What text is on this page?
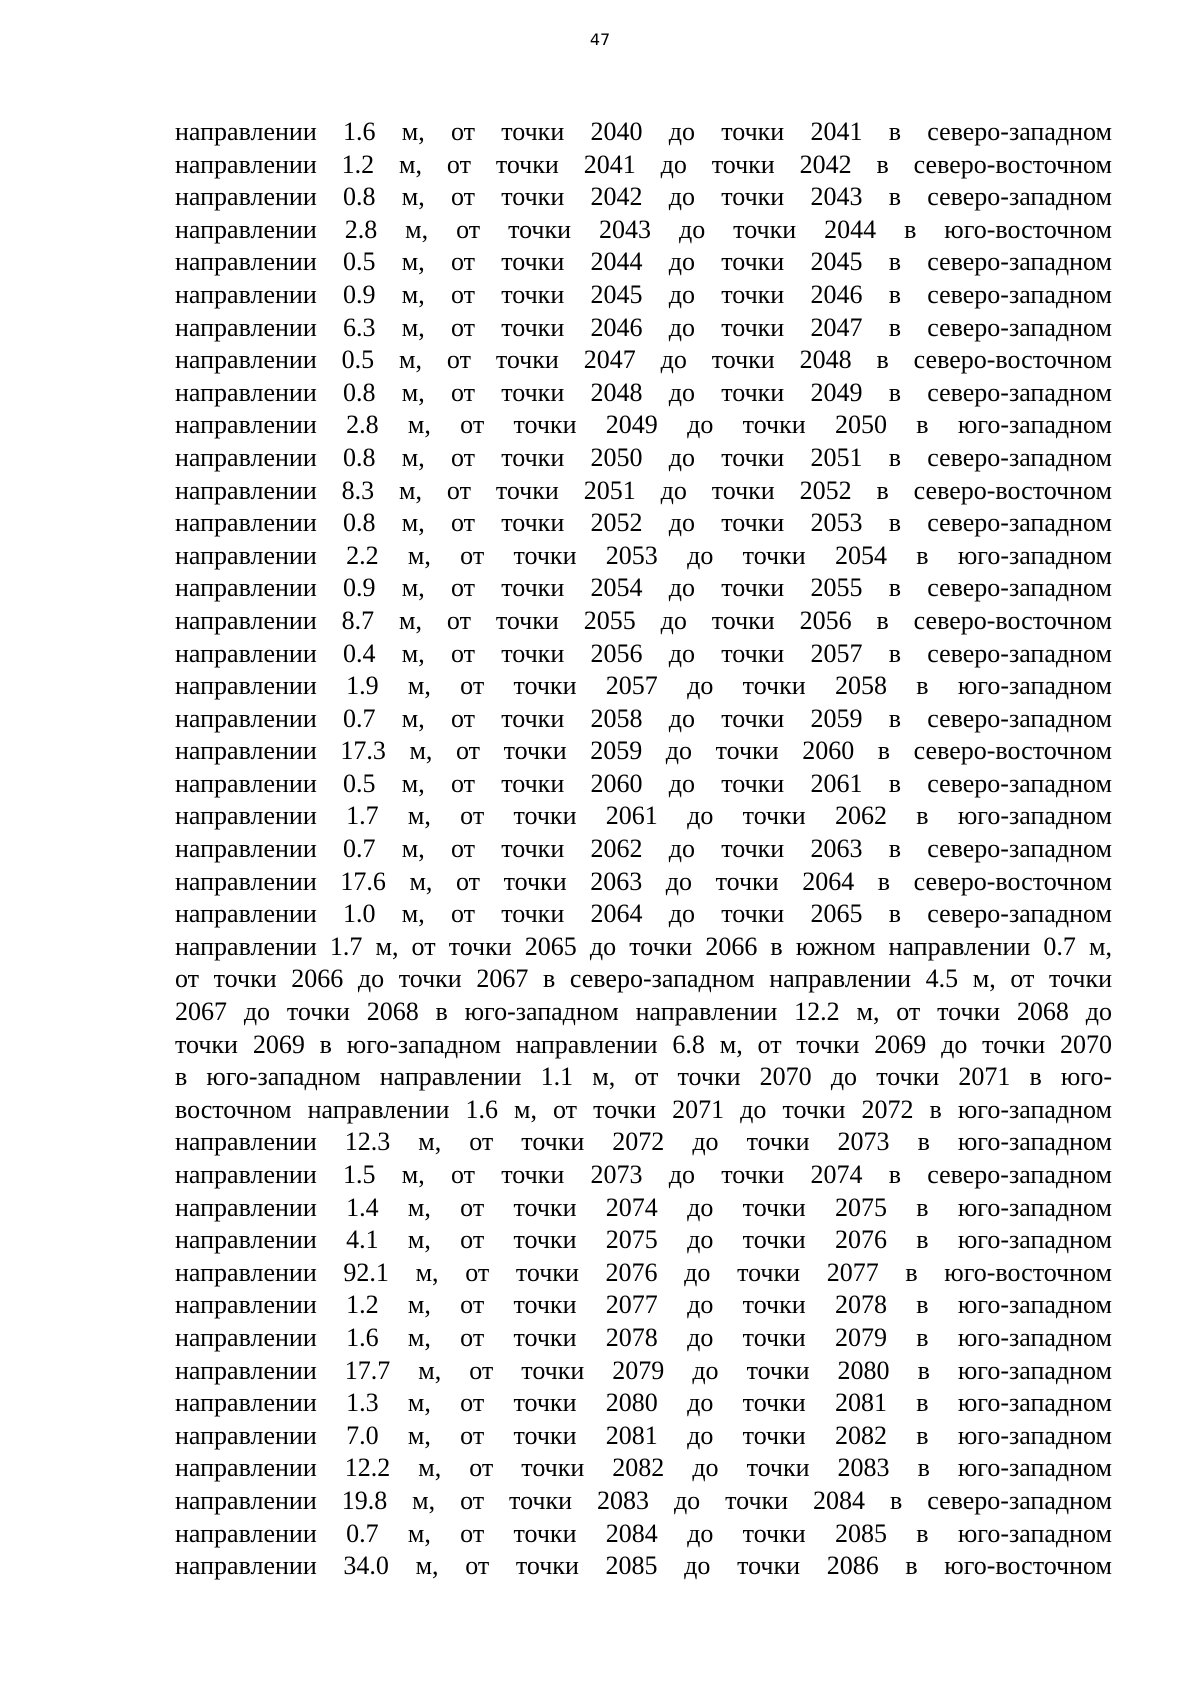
47
направлении 1.6 м, от точки 2040 до точки 2041 в северо-западном
направлении 1.2 м, от точки 2041 до точки 2042 в северо-восточном
направлении 0.8 м, от точки 2042 до точки 2043 в северо-западном
направлении 2.8 м, от точки 2043 до точки 2044 в юго-восточном
направлении 0.5 м, от точки 2044 до точки 2045 в северо-западном
направлении 0.9 м, от точки 2045 до точки 2046 в северо-западном
направлении 6.3 м, от точки 2046 до точки 2047 в северо-западном
направлении 0.5 м, от точки 2047 до точки 2048 в северо-восточном
направлении 0.8 м, от точки 2048 до точки 2049 в северо-западном
направлении 2.8 м, от точки 2049 до точки 2050 в юго-западном
направлении 0.8 м, от точки 2050 до точки 2051 в северо-западном
направлении 8.3 м, от точки 2051 до точки 2052 в северо-восточном
направлении 0.8 м, от точки 2052 до точки 2053 в северо-западном
направлении 2.2 м, от точки 2053 до точки 2054 в юго-западном
направлении 0.9 м, от точки 2054 до точки 2055 в северо-западном
направлении 8.7 м, от точки 2055 до точки 2056 в северо-восточном
направлении 0.4 м, от точки 2056 до точки 2057 в северо-западном
направлении 1.9 м, от точки 2057 до точки 2058 в юго-западном
направлении 0.7 м, от точки 2058 до точки 2059 в северо-западном
направлении 17.3 м, от точки 2059 до точки 2060 в северо-восточном
направлении 0.5 м, от точки 2060 до точки 2061 в северо-западном
направлении 1.7 м, от точки 2061 до точки 2062 в юго-западном
направлении 0.7 м, от точки 2062 до точки 2063 в северо-западном
направлении 17.6 м, от точки 2063 до точки 2064 в северо-восточном
направлении 1.0 м, от точки 2064 до точки 2065 в северо-западном
направлении 1.7 м, от точки 2065 до точки 2066 в южном направлении 0.7 м,
от точки 2066 до точки 2067 в северо-западном направлении 4.5 м, от точки
2067 до точки 2068 в юго-западном направлении 12.2 м, от точки 2068 до
точки 2069 в юго-западном направлении 6.8 м, от точки 2069 до точки 2070
в юго-западном направлении 1.1 м, от точки 2070 до точки 2071 в юго-
восточном направлении 1.6 м, от точки 2071 до точки 2072 в юго-западном
направлении 12.3 м, от точки 2072 до точки 2073 в юго-западном
направлении 1.5 м, от точки 2073 до точки 2074 в северо-западном
направлении 1.4 м, от точки 2074 до точки 2075 в юго-западном
направлении 4.1 м, от точки 2075 до точки 2076 в юго-западном
направлении 92.1 м, от точки 2076 до точки 2077 в юго-восточном
направлении 1.2 м, от точки 2077 до точки 2078 в юго-западном
направлении 1.6 м, от точки 2078 до точки 2079 в юго-западном
направлении 17.7 м, от точки 2079 до точки 2080 в юго-западном
направлении 1.3 м, от точки 2080 до точки 2081 в юго-западном
направлении 7.0 м, от точки 2081 до точки 2082 в юго-западном
направлении 12.2 м, от точки 2082 до точки 2083 в юго-западном
направлении 19.8 м, от точки 2083 до точки 2084 в северо-западном
направлении 0.7 м, от точки 2084 до точки 2085 в юго-западном
направлении 34.0 м, от точки 2085 до точки 2086 в юго-восточном
